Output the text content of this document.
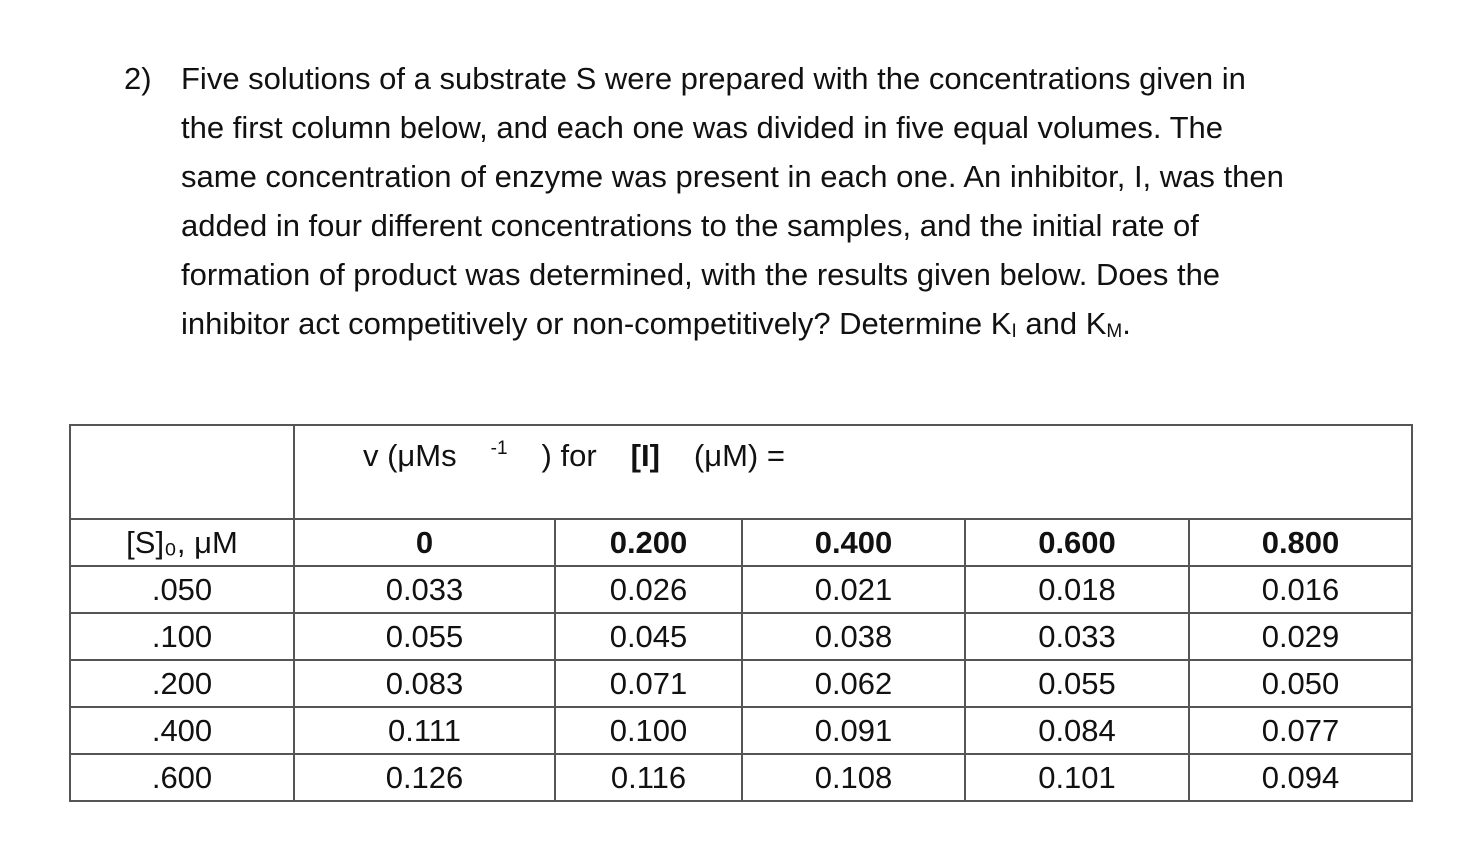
2) Five solutions of a substrate S were prepared with the concentrations given in
the first column below, and each one was divided in five equal volumes. The
same concentration of enzyme was present in each one. An inhibitor, I, was then
added in four different concentrations to the samples, and the initial rate of
formation of product was determined, with the results given below. Does the
inhibitor act competitively or non-competitively? Determine KI and KM.
	v (μMs -1 ) for[I](μM) =				
[S]₀, μM	0	0.200	0.400	0.600	0.800
.050	0.033	0.026	0.021	0.018	0.016
.100	0.055	0.045	0.038	0.033	0.029
.200	0.083	0.071	0.062	0.055	0.050
.400	0.111	0.100	0.091	0.084	0.077
.600	0.126	0.116	0.108	0.101	0.094
